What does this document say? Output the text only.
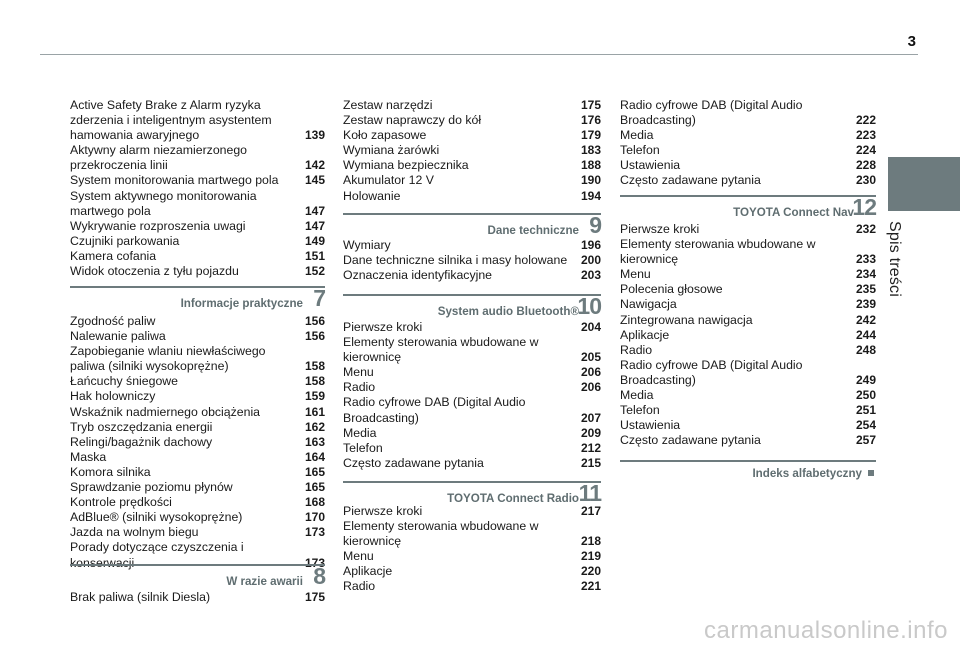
3
Spis treści
Active Safety Brake z Alarm ryzyka zderzenia i inteligentnym asystentem hamowania awaryjnego	139
Aktywny alarm niezamierzonego przekroczenia linii	142
System monitorowania martwego pola	145
System aktywnego monitorowania martwego pola	147
Wykrywanie rozproszenia uwagi	147
Czujniki parkowania	149
Kamera cofania	151
Widok otoczenia z tyłu pojazdu	152
Informacje praktyczne 7
Zgodność paliw	156
Nalewanie paliwa	156
Zapobieganie wlaniu niewłaściwego paliwa (silniki wysokoprężne)	158
Łańcuchy śniegowe	158
Hak holowniczy	159
Wskaźnik nadmiernego obciążenia	161
Tryb oszczędzania energii	162
Relingi/bagażnik dachowy	163
Maska	164
Komora silnika	165
Sprawdzanie poziomu płynów	165
Kontrole prędkości	168
AdBlue® (silniki wysokoprężne)	170
Jazda na wolnym biegu	173
Porady dotyczące czyszczenia i konserwacji	173
W razie awarii 8
Brak paliwa (silnik Diesla)	175
Zestaw narzędzi	175
Zestaw naprawczy do kół	176
Koło zapasowe	179
Wymiana żarówki	183
Wymiana bezpiecznika	188
Akumulator 12 V	190
Holowanie	194
Dane techniczne 9
Wymiary	196
Dane techniczne silnika i masy holowane	200
Oznaczenia identyfikacyjne	203
System audio Bluetooth®
10
Pierwsze kroki	204
Elementy sterowania wbudowane w kierownicę	205
Menu	206
Radio	206
Radio cyfrowe DAB (Digital Audio Broadcasting)	207
Media	209
Telefon	212
Często zadawane pytania	215
TOYOTA Connect Radio 11
Pierwsze kroki	217
Elementy sterowania wbudowane w kierownicę	218
Menu	219
Aplikacje	220
Radio	221
Radio cyfrowe DAB (Digital Audio Broadcasting)	222
Media	223
Telefon	224
Ustawienia	228
Często zadawane pytania	230
TOYOTA Connect Nav
12
Pierwsze kroki	232
Elementy sterowania wbudowane w kierownicę	233
Menu	234
Polecenia głosowe	235
Nawigacja	239
Zintegrowana nawigacja	242
Aplikacje	244
Radio	248
Radio cyfrowe DAB (Digital Audio Broadcasting)	249
Media	250
Telefon	251
Ustawienia	254
Często zadawane pytania	257
Indeks alfabetyczny
carmanualsonline.info
